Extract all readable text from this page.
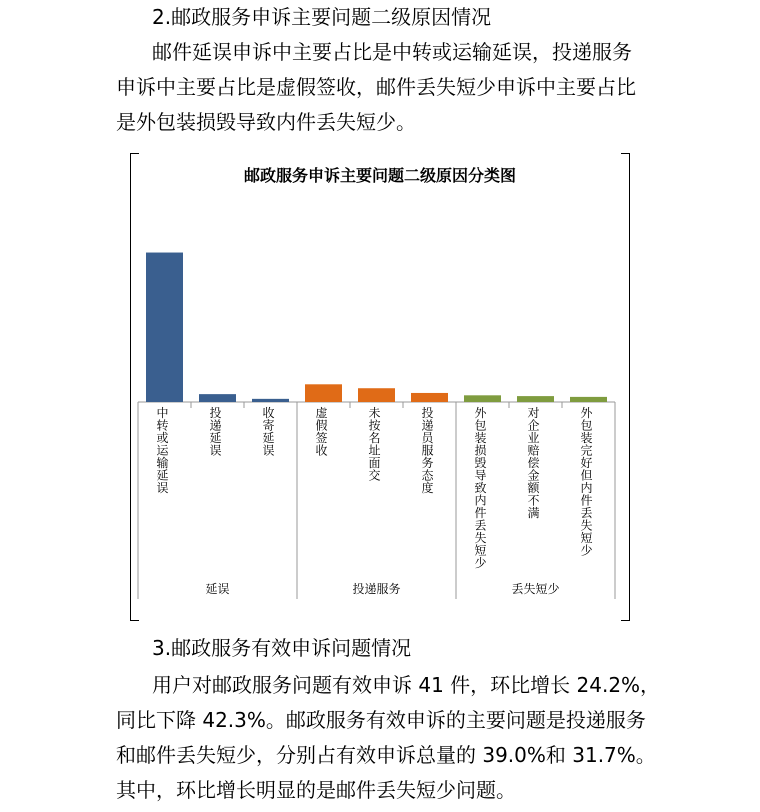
2.邮政服务申诉主要问题二级原因情况
邮件延误申诉中主要占比是中转或运输延误，投递服务
申诉中主要占比是虚假签收，邮件丢失短少申诉中主要占比
是外包装损毁导致内件丢失短少。
邮政服务申诉主要问题二级原因分类图
中转或运输延误
投递延误
收寄延误
虚假签收
未按名址面交
投递员服务态度
外包装损毁导致内件丢失短少
对企业赔偿金额不满
外包装完好但内件丢失短少
延误	投递服务	丢失短少
3.邮政服务有效申诉问题情况
用户对邮政服务问题有效申诉 41 件，环比增长 24.2%，
同比下降 42.3%。邮政服务有效申诉的主要问题是投递服务
和邮件丢失短少，分别占有效申诉总量的 39.0%和 31.7%。
其中，环比增长明显的是邮件丢失短少问题。
